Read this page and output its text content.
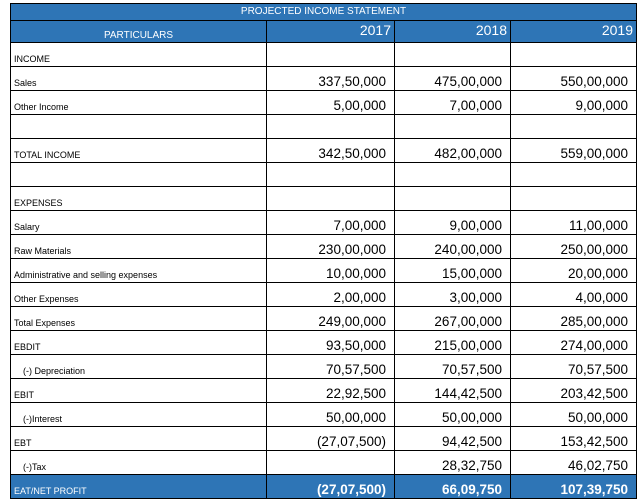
PROJECTED INCOME STATEMENT			
PARTICULARS	2017	2018	2019
INCOME			
Sales	337,50,000	475,00,000	550,00,000
Other Income	5,00,000	7,00,000	9,00,000

TOTAL INCOME	342,50,000	482,00,000	559,00,000

EXPENSES			
Salary	7,00,000	9,00,000	11,00,000
Raw Materials	230,00,000	240,00,000	250,00,000
Administrative and selling expenses	10,00,000	15,00,000	20,00,000
Other Expenses	2,00,000	3,00,000	4,00,000
Total Expenses	249,00,000	267,00,000	285,00,000
EBDIT	93,50,000	215,00,000	274,00,000
(-) Depreciation	70,57,500	70,57,500	70,57,500
EBIT	22,92,500	144,42,500	203,42,500
(-)Interest	50,00,000	50,00,000	50,00,000
EBT	(27,07,500)	94,42,500	153,42,500
(-)Tax		28,32,750	46,02,750
EAT/NET PROFIT	(27,07,500)	66,09,750	107,39,750
